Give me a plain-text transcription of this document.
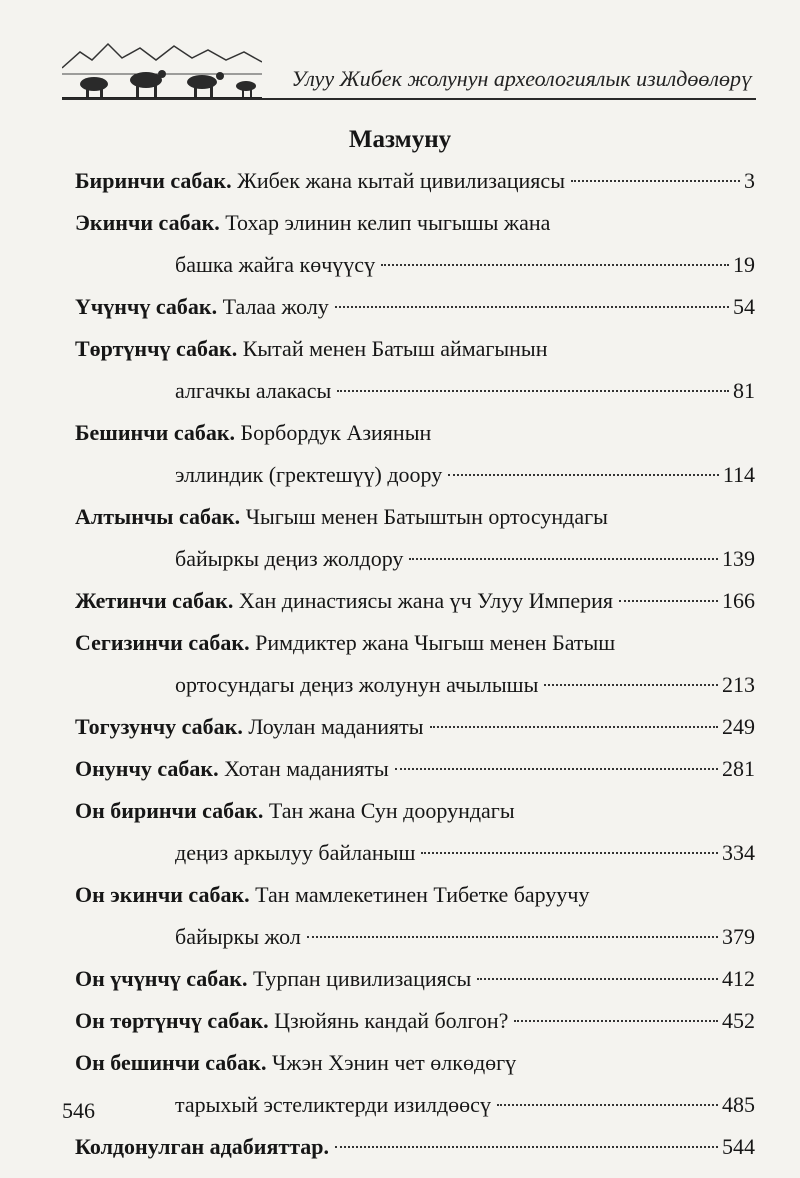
Улуу Жибек жолунун археологиялык изилдөөлөрү
Мазмуну
Биринчи сабак. Жибек жана кытай цивилизациясы	3
Экинчи сабак. Тохар элинин келип чыгышы жана
башка жайга көчүүсү	19
Үчүнчү сабак. Талаа жолу	54
Төртүнчү сабак. Кытай менен Батыш аймагынын
алгачкы алакасы	81
Бешинчи сабак. Борбордук Азиянын
эллиндик (гректешүү) доору	114
Алтынчы сабак. Чыгыш менен Батыштын ортосундагы
байыркы деңиз жолдору	139
Жетинчи сабак. Хан династиясы жана үч Улуу Империя	166
Сегизинчи сабак. Римдиктер жана Чыгыш менен Батыш
ортосундагы деңиз жолунун ачылышы	213
Тогузунчу сабак. Лоулан маданияты	249
Онунчу сабак. Хотан маданияты	281
Он биринчи сабак. Тан жана Сун доорундагы
деңиз аркылуу байланыш	334
Он экинчи сабак. Тан мамлекетинен Тибетке баруучу
байыркы жол	379
Он үчүнчү сабак. Турпан цивилизациясы	412
Он төртүнчү сабак. Цзюйянь кандай болгон?	452
Он бешинчи сабак. Чжэн Хэнин чет өлкөдөгү
тарыхый эстеликтерди изилдөөсү	485
Колдонулган адабияттар.	544
546
